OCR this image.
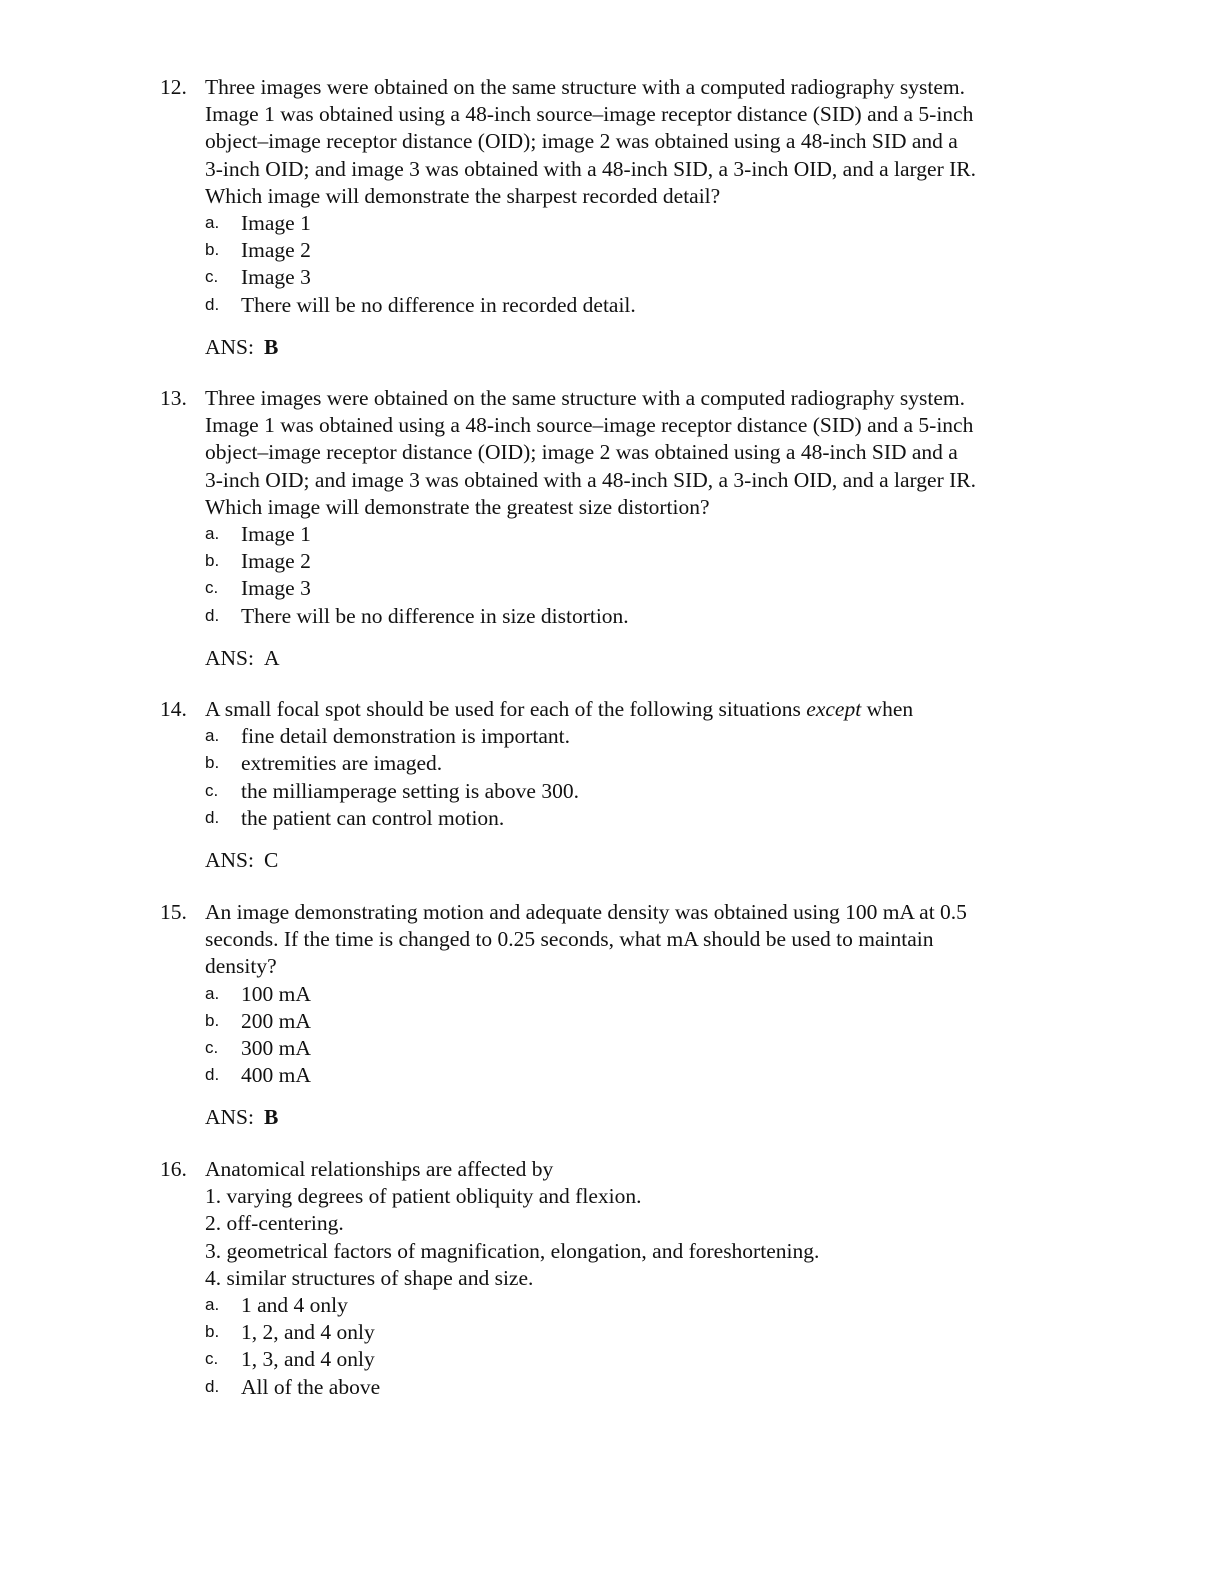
12. Three images were obtained on the same structure with a computed radiography system.
Image 1 was obtained using a 48-inch source–image receptor distance (SID) and a 5-inch
object–image receptor distance (OID); image 2 was obtained using a 48-inch SID and a
3-inch OID; and image 3 was obtained with a 48-inch SID, a 3-inch OID, and a larger IR.
Which image will demonstrate the sharpest recorded detail?
a.	Image 1
b.	Image 2
c.	Image 3
d.	There will be no difference in recorded detail.
ANS: B
13. Three images were obtained on the same structure with a computed radiography system.
Image 1 was obtained using a 48-inch source–image receptor distance (SID) and a 5-inch
object–image receptor distance (OID); image 2 was obtained using a 48-inch SID and a
3-inch OID; and image 3 was obtained with a 48-inch SID, a 3-inch OID, and a larger IR.
Which image will demonstrate the greatest size distortion?
a.	Image 1
b.	Image 2
c.	Image 3
d.	There will be no difference in size distortion.
ANS: A
14. A small focal spot should be used for each of the following situations except when
a.	fine detail demonstration is important.
b.	extremities are imaged.
c.	the milliamperage setting is above 300.
d.	the patient can control motion.
ANS: C
15. An image demonstrating motion and adequate density was obtained using 100 mA at 0.5
seconds. If the time is changed to 0.25 seconds, what mA should be used to maintain
density?
a.	100 mA
b.	200 mA
c.	300 mA
d.	400 mA
ANS: B
16. Anatomical relationships are affected by
1. varying degrees of patient obliquity and flexion.
2. off-centering.
3. geometrical factors of magnification, elongation, and foreshortening.
4. similar structures of shape and size.
a.	1 and 4 only
b.	1, 2, and 4 only
c.	1, 3, and 4 only
d.	All of the above
